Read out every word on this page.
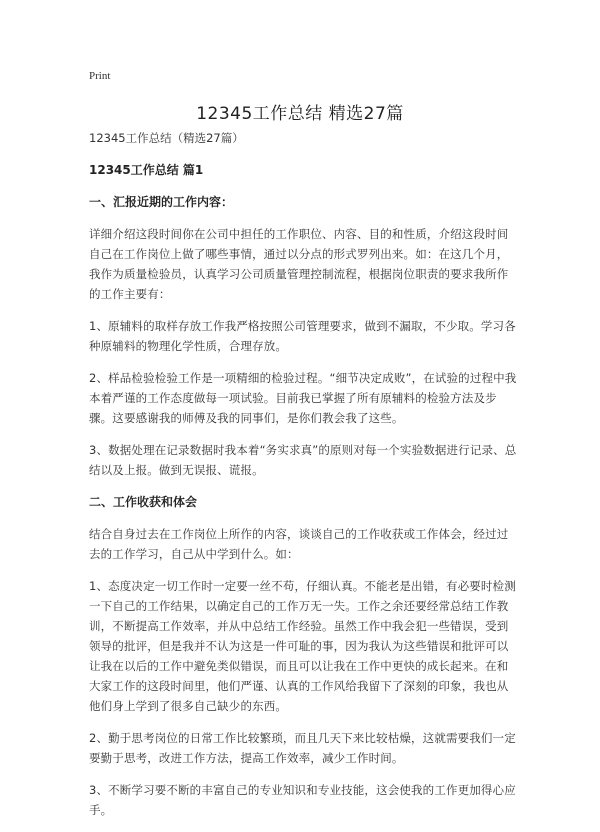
Print
12345工作总结 精选27篇
12345工作总结（精选27篇）
12345工作总结 篇1
一、汇报近期的工作内容：
详细介绍这段时间你在公司中担任的工作职位、内容、目的和性质，介绍这段时间自己在工作岗位上做了哪些事情，通过以分点的形式罗列出来。如：在这几个月，我作为质量检验员，认真学习公司质量管理控制流程，根据岗位职责的要求我所作的工作主要有：
1、原辅料的取样存放工作我严格按照公司管理要求，做到不漏取，不少取。学习各种原辅料的物理化学性质，合理存放。
2、样品检验检验工作是一项精细的检验过程。“细节决定成败”，在试验的过程中我本着严谨的工作态度做每一项试验。目前我已掌握了所有原辅料的检验方法及步骤。这要感谢我的师傅及我的同事们，是你们教会我了这些。
3、数据处理在记录数据时我本着“务实求真”的原则对每一个实验数据进行记录、总结以及上报。做到无误报、谎报。
二、工作收获和体会
结合自身过去在工作岗位上所作的内容，谈谈自己的工作收获或工作体会，经过过去的工作学习，自己从中学到什么。如：
1、态度决定一切工作时一定要一丝不苟，仔细认真。不能老是出错，有必要时检测一下自己的工作结果，以确定自己的工作万无一失。工作之余还要经常总结工作教训，不断提高工作效率，并从中总结工作经验。虽然工作中我会犯一些错误，受到领导的批评，但是我并不认为这是一件可耻的事，因为我认为这些错误和批评可以让我在以后的工作中避免类似错误，而且可以让我在工作中更快的成长起来。在和大家工作的这段时间里，他们严谨、认真的工作风给我留下了深刻的印象，我也从他们身上学到了很多自己缺少的东西。
2、勤于思考岗位的日常工作比较繁琐，而且几天下来比较枯燥，这就需要我们一定要勤于思考，改进工作方法，提高工作效率，减少工作时间。
3、不断学习要不断的丰富自己的专业知识和专业技能，这会使我的工作更加得心应手。
